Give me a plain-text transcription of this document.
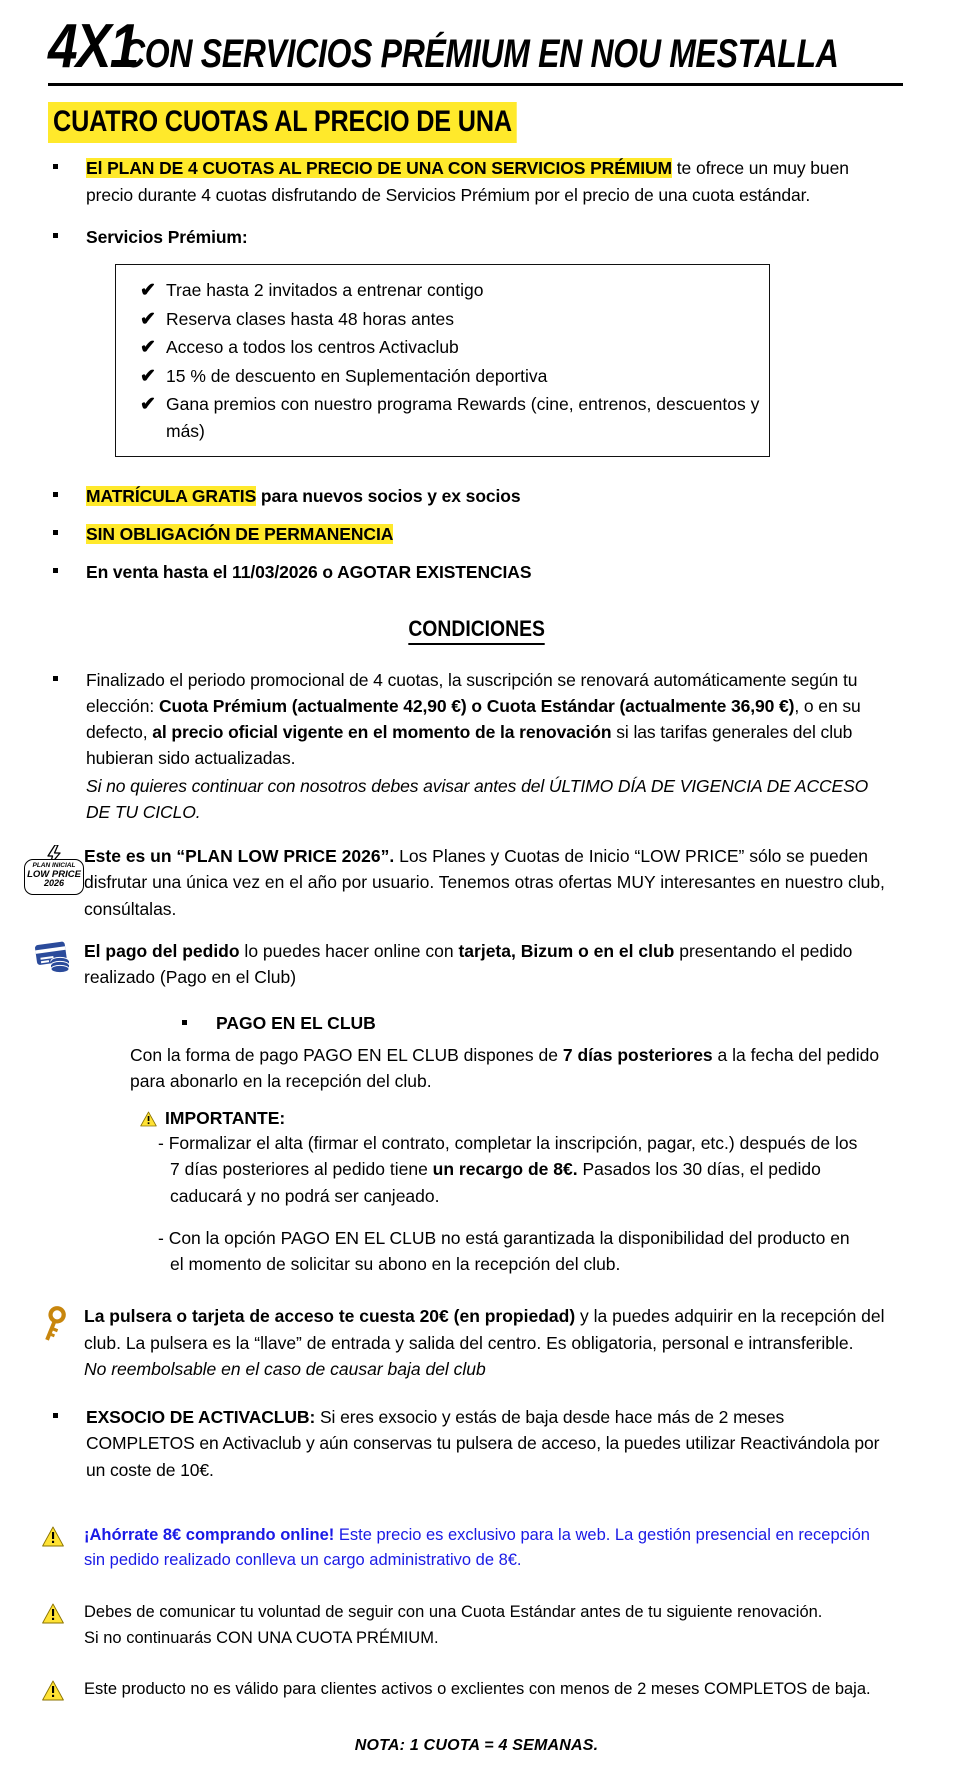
4X1
CON SERVICIOS PRÉMIUM EN NOU MESTALLA
CUATRO CUOTAS AL PRECIO DE UNA
El PLAN DE 4 CUOTAS AL PRECIO DE UNA CON SERVICIOS PRÉMIUM te ofrece un muy buen precio durante 4 cuotas disfrutando de Servicios Prémium por el precio de una cuota estándar.
Servicios Prémium:
✔ Trae hasta 2 invitados a entrenar contigo
✔ Reserva clases hasta 48 horas antes
✔ Acceso a todos los centros Activaclub
✔ 15 % de descuento en Suplementación deportiva
✔ Gana premios con nuestro programa Rewards (cine, entrenos, descuentos y más)
MATRÍCULA GRATIS para nuevos socios y ex socios
SIN OBLIGACIÓN DE PERMANENCIA
En venta hasta el 11/03/2026 o AGOTAR EXISTENCIAS
CONDICIONES
Finalizado el periodo promocional de 4 cuotas, la suscripción se renovará automáticamente según tu elección: Cuota Prémium (actualmente 42,90 €) o Cuota Estándar (actualmente 36,90 €), o en su defecto, al precio oficial vigente en el momento de la renovación si las tarifas generales del club hubieran sido actualizadas.
Si no quieres continuar con nosotros debes avisar antes del ÚLTIMO DÍA DE VIGENCIA DE ACCESO DE TU CICLO.
PLAN INICIAL
LOW PRICE
2026
Este es un “PLAN LOW PRICE 2026”. Los Planes y Cuotas de Inicio “LOW PRICE” sólo se pueden disfrutar una única vez en el año por usuario. Tenemos otras ofertas MUY interesantes en nuestro club, consúltalas.
El pago del pedido lo puedes hacer online con tarjeta, Bizum o en el club presentando el pedido realizado (Pago en el Club)
PAGO EN EL CLUB
Con la forma de pago PAGO EN EL CLUB dispones de 7 días posteriores a la fecha del pedido para abonarlo en la recepción del club.
IMPORTANTE:
- Formalizar el alta (firmar el contrato, completar la inscripción, pagar, etc.) después de los 7 días posteriores al pedido tiene un recargo de 8€. Pasados los 30 días, el pedido caducará y no podrá ser canjeado.
- Con la opción PAGO EN EL CLUB no está garantizada la disponibilidad del producto en el momento de solicitar su abono en la recepción del club.
La pulsera o tarjeta de acceso te cuesta 20€ (en propiedad) y la puedes adquirir en la recepción del club. La pulsera es la “llave” de entrada y salida del centro. Es obligatoria, personal e intransferible.
No reembolsable en el caso de causar baja del club
EXSOCIO DE ACTIVACLUB: Si eres exsocio y estás de baja desde hace más de 2 meses COMPLETOS en Activaclub y aún conservas tu pulsera de acceso, la puedes utilizar Reactivándola por un coste de 10€.
¡Ahórrate 8€ comprando online! Este precio es exclusivo para la web. La gestión presencial en recepción sin pedido realizado conlleva un cargo administrativo de 8€.
Debes de comunicar tu voluntad de seguir con una Cuota Estándar antes de tu siguiente renovación.
Si no continuarás CON UNA CUOTA PRÉMIUM.
Este producto no es válido para clientes activos o exclientes con menos de 2 meses COMPLETOS de baja.
NOTA: 1 CUOTA = 4 SEMANAS.
